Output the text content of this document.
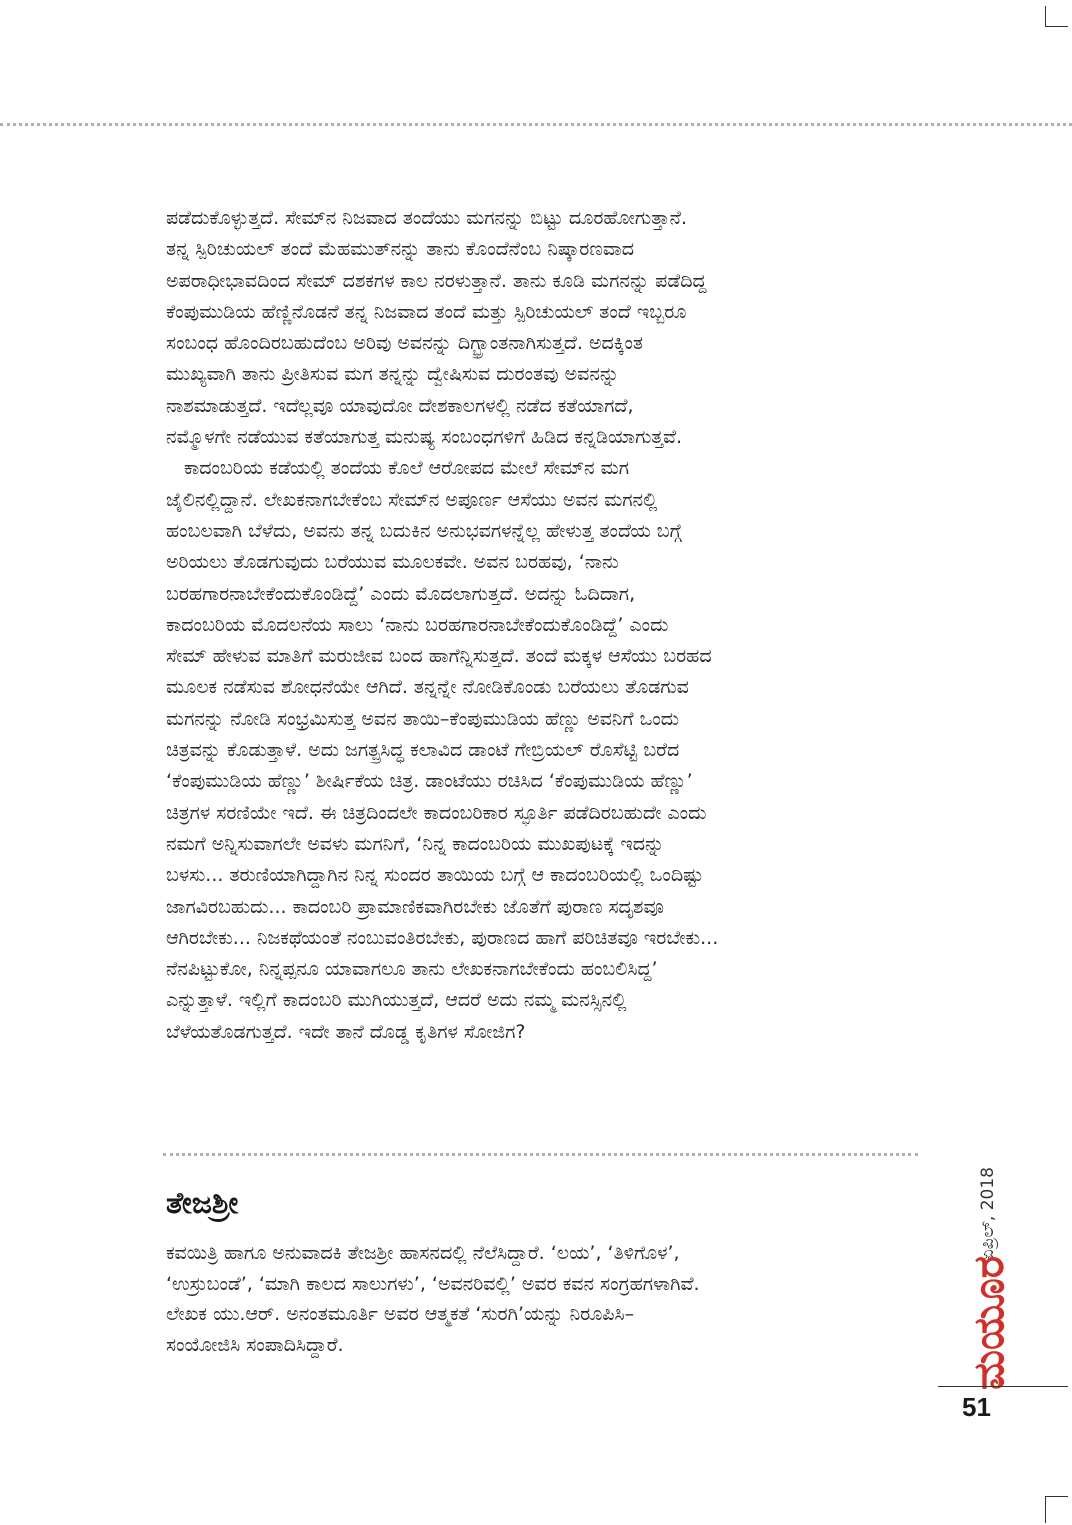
ಪಡೆದುಕೊಳ್ಳುತ್ತದೆ. ಸೇಮ್‌ನ ನಿಜವಾದ ತಂದೆಯು ಮಗನನ್ನು ಬಿಟ್ಟು ದೂರಹೋಗುತ್ತಾನೆ.
ತನ್ನ ಸ್ಪಿರಿಚುಯಲ್ ತಂದೆ ಮೆಹಮುತ್‌ನನ್ನು ತಾನು ಕೊಂದೆನೆಂಬ ನಿಷ್ಕಾರಣವಾದ
ಅಪರಾಧೀಭಾವದಿಂದ ಸೇಮ್ ದಶಕಗಳ ಕಾಲ ನರಳುತ್ತಾನೆ. ತಾನು ಕೂಡಿ ಮಗನನ್ನು ಪಡೆದಿದ್ದ
ಕೆಂಪುಮುಡಿಯ ಹೆಣ್ಣಿನೊಡನೆ ತನ್ನ ನಿಜವಾದ ತಂದೆ ಮತ್ತು ಸ್ಪಿರಿಚುಯಲ್ ತಂದೆ ಇಬ್ಬರೂ
ಸಂಬಂಧ ಹೊಂದಿರಬಹುದೆಂಬ ಅರಿವು ಅವನನ್ನು ದಿಗ್ಭ್ರಾಂತನಾಗಿಸುತ್ತದೆ. ಅದಕ್ಕಿಂತ
ಮುಖ್ಯವಾಗಿ ತಾನು ಪ್ರೀತಿಸುವ ಮಗ ತನ್ನನ್ನು ದ್ವೇಷಿಸುವ ದುರಂತವು ಅವನನ್ನು
ನಾಶಮಾಡುತ್ತದೆ. ಇದೆಲ್ಲವೂ ಯಾವುದೋ ದೇಶಕಾಲಗಳಲ್ಲಿ ನಡೆದ ಕತೆಯಾಗದೆ,
ನಮ್ಮೊಳಗೇ ನಡೆಯುವ ಕತೆಯಾಗುತ್ತ ಮನುಷ್ಯ ಸಂಬಂಧಗಳಿಗೆ ಹಿಡಿದ ಕನ್ನಡಿಯಾಗುತ್ತವೆ.
ಕಾದಂಬರಿಯ ಕಡೆಯಲ್ಲಿ ತಂದೆಯ ಕೊಲೆ ಆರೋಪದ ಮೇಲೆ ಸೇಮ್‌ನ ಮಗ
ಜೈಲಿನಲ್ಲಿದ್ದಾನೆ. ಲೇಖಕನಾಗಬೇಕೆಂಬ ಸೇಮ್‌ನ ಅಪೂರ್ಣ ಆಸೆಯು ಅವನ ಮಗನಲ್ಲಿ
ಹಂಬಲವಾಗಿ ಬೆಳೆದು, ಅವನು ತನ್ನ ಬದುಕಿನ ಅನುಭವಗಳನ್ನೆಲ್ಲ ಹೇಳುತ್ತ ತಂದೆಯ ಬಗ್ಗೆ
ಅರಿಯಲು ತೊಡಗುವುದು ಬರೆಯುವ ಮೂಲಕವೇ. ಅವನ ಬರಹವು, ‘ನಾನು
ಬರಹಗಾರನಾಬೇಕೆಂದುಕೊಂಡಿದ್ದೆ’ ಎಂದು ಮೊದಲಾಗುತ್ತದೆ. ಅದನ್ನು ಓದಿದಾಗ,
ಕಾದಂಬರಿಯ ಮೊದಲನೆಯ ಸಾಲು ‘ನಾನು ಬರಹಗಾರನಾಬೇಕೆಂದುಕೊಂಡಿದ್ದೆ’ ಎಂದು
ಸೇಮ್ ಹೇಳುವ ಮಾತಿಗೆ ಮರುಜೀವ ಬಂದ ಹಾಗೆನ್ನಿಸುತ್ತದೆ. ತಂದೆ ಮಕ್ಕಳ ಆಸೆಯು ಬರಹದ
ಮೂಲಕ ನಡೆಸುವ ಶೋಧನೆಯೇ ಆಗಿದೆ. ತನ್ನನ್ನೇ ನೋಡಿಕೊಂಡು ಬರೆಯಲು ತೊಡಗುವ
ಮಗನನ್ನು ನೋಡಿ ಸಂಭ್ರಮಿಸುತ್ತ ಅವನ ತಾಯಿ–ಕೆಂಪುಮುಡಿಯ ಹೆಣ್ಣು ಅವನಿಗೆ ಒಂದು
ಚಿತ್ರವನ್ನು ಕೊಡುತ್ತಾಳೆ. ಅದು ಜಗತ್ಪ್ರಸಿದ್ಧ ಕಲಾವಿದ ಡಾಂಟೆ ಗೇಬ್ರಿಯಲ್ ರೊಸೆಟ್ಟಿ ಬರೆದ
‘ಕೆಂಪುಮುಡಿಯ ಹೆಣ್ಣು’ ಶೀರ್ಷಿಕೆಯ ಚಿತ್ರ. ಡಾಂಟೆಯು ರಚಿಸಿದ ‘ಕೆಂಪುಮುಡಿಯ ಹೆಣ್ಣು’
ಚಿತ್ರಗಳ ಸರಣಿಯೇ ಇದೆ. ಈ ಚಿತ್ರದಿಂದಲೇ ಕಾದಂಬರಿಕಾರ ಸ್ಫೂರ್ತಿ ಪಡೆದಿರಬಹುದೇ ಎಂದು
ನಮಗೆ ಅನ್ನಿಸುವಾಗಲೇ ಅವಳು ಮಗನಿಗೆ, ‘ನಿನ್ನ ಕಾದಂಬರಿಯ ಮುಖಪುಟಕ್ಕೆ ಇದನ್ನು
ಬಳಸು... ತರುಣಿಯಾಗಿದ್ದಾಗಿನ ನಿನ್ನ ಸುಂದರ ತಾಯಿಯ ಬಗ್ಗೆ ಆ ಕಾದಂಬರಿಯಲ್ಲಿ ಒಂದಿಷ್ಟು
ಜಾಗವಿರಬಹುದು... ಕಾದಂಬರಿ ಪ್ರಾಮಾಣಿಕವಾಗಿರಬೇಕು ಜೊತೆಗೆ ಪುರಾಣ ಸದೃಶವೂ
ಆಗಿರಬೇಕು... ನಿಜಕಥೆಯಂತೆ ನಂಬುವಂತಿರಬೇಕು, ಪುರಾಣದ ಹಾಗೆ ಪರಿಚಿತವೂ ಇರಬೇಕು...
ನೆನಪಿಟ್ಟುಕೋ, ನಿನ್ನಪ್ಪನೂ ಯಾವಾಗಲೂ ತಾನು ಲೇಖಕನಾಗಬೇಕೆಂದು ಹಂಬಲಿಸಿದ್ದ’
ಎನ್ನುತ್ತಾಳೆ. ಇಲ್ಲಿಗೆ ಕಾದಂಬರಿ ಮುಗಿಯುತ್ತದೆ, ಆದರೆ ಅದು ನಮ್ಮ ಮನಸ್ಸಿನಲ್ಲಿ
ಬೆಳೆಯತೊಡಗುತ್ತದೆ. ಇದೇ ತಾನೆ ದೊಡ್ಡ ಕೃತಿಗಳ ಸೋಜಿಗ?
ತೇಜಶ್ರೀ
ಕವಯಿತ್ರಿ ಹಾಗೂ ಅನುವಾದಕಿ ತೇಜಶ್ರೀ ಹಾಸನದಲ್ಲಿ ನೆಲೆಸಿದ್ದಾರೆ. ‘ಲಯ’, ‘ತಿಳಿಗೊಳ’,
‘ಉಸ್ರುಬಂಡೆ’, ‘ಮಾಗಿ ಕಾಲದ ಸಾಲುಗಳು’, ‘ಅವನರಿವಲ್ಲಿ’ ಅವರ ಕವನ ಸಂಗ್ರಹಗಳಾಗಿವೆ.
ಲೇಖಕ ಯು.ಆರ್. ಅನಂತಮೂರ್ತಿ ಅವರ ಆತ್ಮಕತೆ ‘ಸುರಗಿ’ಯನ್ನು ನಿರೂಪಿಸಿ–
ಸಂಯೋಜಿಸಿ ಸಂಪಾದಿಸಿದ್ದಾರೆ.
ಏಪ್ರಿಲ್, 2018
ಮಯೂರ
51
